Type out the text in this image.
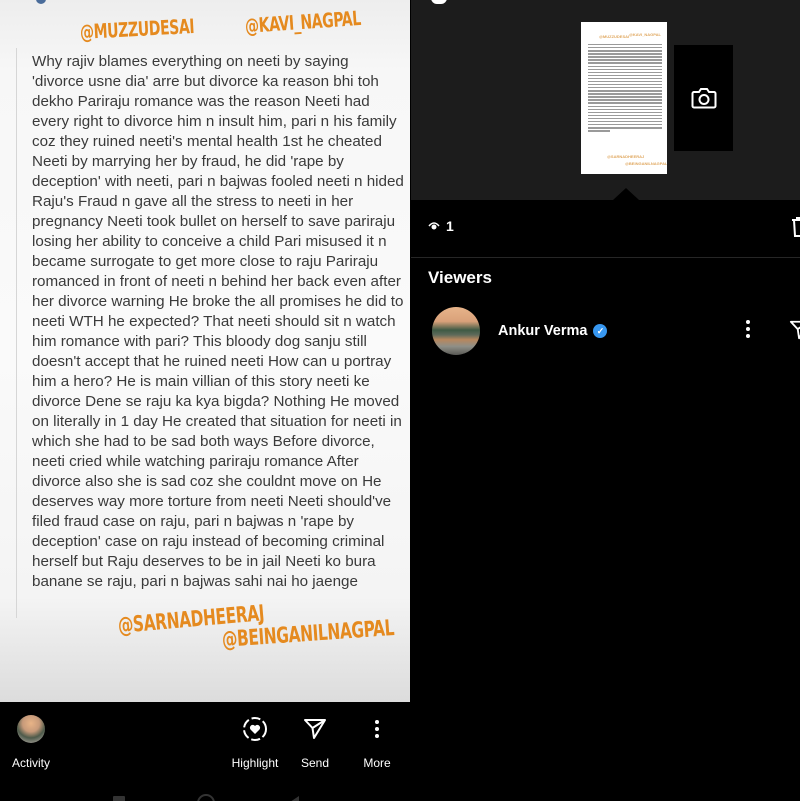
@MUZZUDESAI @KAVI_NAGPAL
Why rajiv blames everything on neeti by saying 'divorce usne dia' arre but divorce ka reason bhi toh dekho Pariraju romance was the reason Neeti had every right to divorce him n insult him, pari n his family coz they ruined neeti's mental health 1st he cheated Neeti by marrying her by fraud, he did 'rape by deception' with neeti, pari n bajwas fooled neeti n hided Raju's Fraud n gave all the stress to neeti in her pregnancy Neeti took bullet on herself to save pariraju losing her ability to conceive a child Pari misused it n became surrogate to get more close to raju Pariraju romanced in front of neeti n behind her back even after her divorce warning He broke the all promises he did to neeti WTH he expected? That neeti should sit n watch him romance with pari? This bloody dog sanju still doesn't accept that he ruined neeti How can u portray him a hero? He is main villian of this story neeti ke divorce Dene se raju ka kya bigda? Nothing He moved on literally in 1 day He created that situation for neeti in which she had to be sad both ways Before divorce, neeti cried while watching pariraju romance After divorce also she is sad coz she couldnt move on He deserves way more torture from neeti Neeti should've filed fraud case on raju, pari n bajwas n 'rape by deception' case on raju instead of becoming criminal herself but Raju deserves to be in jail Neeti ko bura banane se raju, pari n bajwas sahi nai ho jaenge
@SARNADHEERAJ
@BEINGANILNAGPAL
Activity	Highlight	Send	More
@MUZZUDESAI @KAVI_NAGPAL
@SARNADHEERAJ
@BEINGANILNAGPAL
1
Viewers
Ankur Verma	✓
